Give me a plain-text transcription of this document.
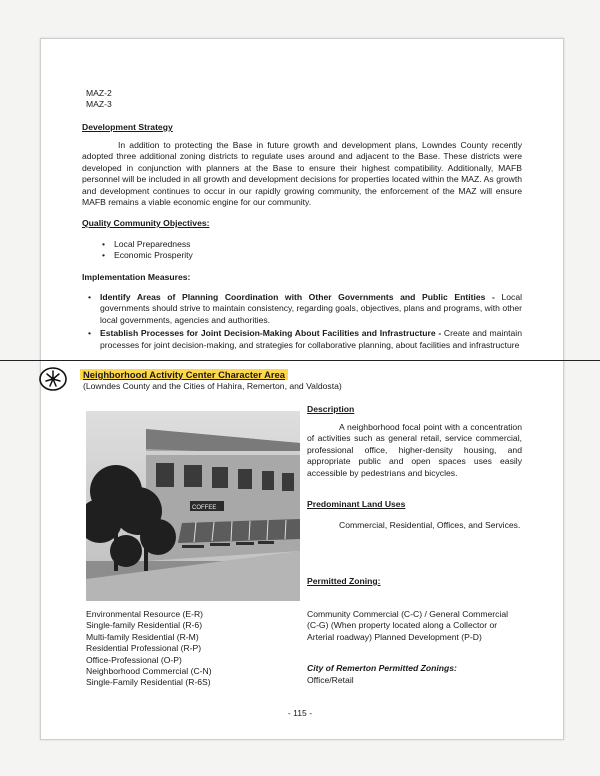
MAZ-2
MAZ-3
Development Strategy
In addition to protecting the Base in future growth and development plans, Lowndes County recently adopted three additional zoning districts to regulate uses around and adjacent to the Base. These districts were developed in conjunction with planners at the Base to ensure their highest compatibility. Additionally, MAFB personnel will be included in all growth and development decisions for properties located within the MAZ. As growth and development continues to occur in our rapidly growing community, the enforcement of the MAZ will ensure MAFB remains a viable economic engine for our community.
Quality Community Objectives:
• Local Preparedness
• Economic Prosperity
Implementation Measures:
• Identify Areas of Planning Coordination with Other Governments and Public Entities - Local governments should strive to maintain consistency, regarding goals, objectives, plans and programs, with other local governments, agencies and authorities.
• Establish Processes for Joint Decision-Making About Facilities and Infrastructure - Create and maintain processes for joint decision-making, and strategies for collaborative planning, about facilities and infrastructure
Neighborhood Activity Center Character Area
(Lowndes County and the Cities of Hahira, Remerton, and Valdosta)
COFFEE
Description
A neighborhood focal point with a concentration of activities such as general retail, service commercial, professional office, higher-density housing, and appropriate public and open spaces uses easily accessible by pedestrians and bicycles.
Predominant Land Uses
Commercial, Residential, Offices, and Services.
Permitted Zoning:
Environmental Resource (E-R)
Single-family Residential (R-6)
Multi-family Residential (R-M)
Residential Professional (R-P)
Office-Professional (O-P)
Neighborhood Commercial (C-N)
Single-Family Residential (R-6S)
Community Commercial (C-C) / General Commercial (C-G) (When property located along a Collector or Arterial roadway) Planned Development (P-D)
City of Remerton Permitted Zonings:
Office/Retail
- 115 -
